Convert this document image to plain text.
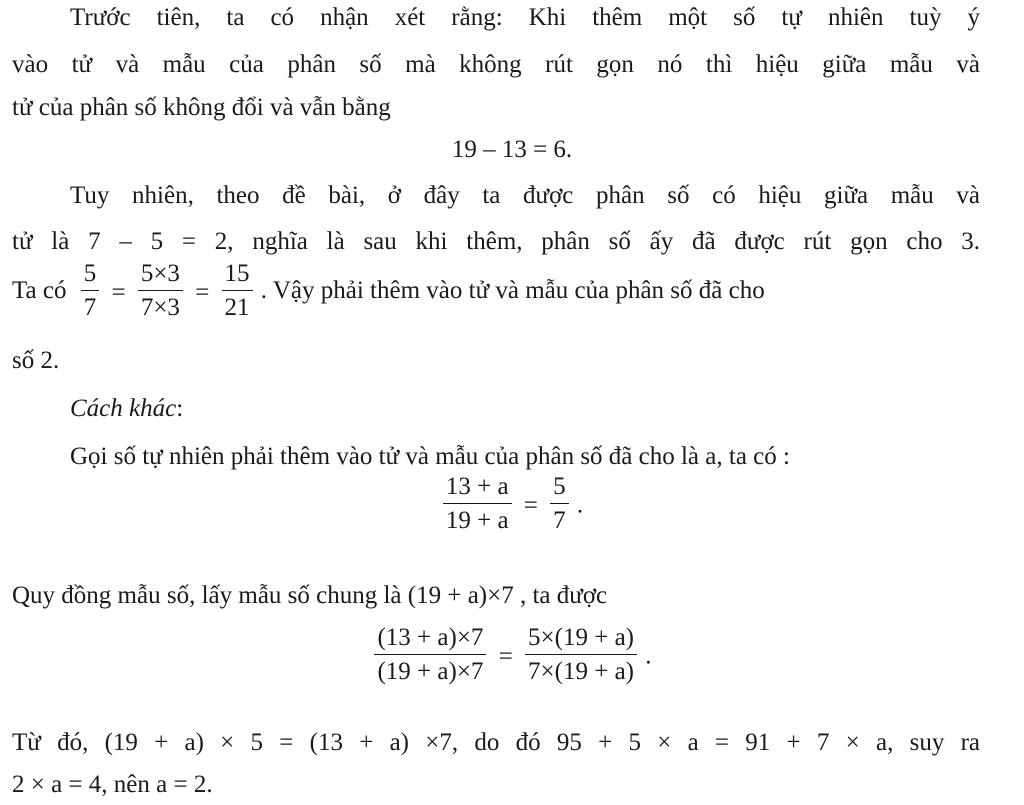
Trước tiên, ta có nhận xét rằng: Khi thêm một số tự nhiên tuỳ ý
vào tử và mẫu của phân số mà không rút gọn nó thì hiệu giữa mẫu và
tử của phân số không đổi và vẫn bằng
19 – 13 = 6.
Tuy nhiên, theo đề bài, ở đây ta được phân số có hiệu giữa mẫu và
tử là 7 – 5 = 2, nghĩa là sau khi thêm, phân số ấy đã được rút gọn cho 3.
Ta có $\frac{5}{7} = \frac{5\times 3}{7\times 3} = \frac{15}{21}$ . Vậy phải thêm vào tử và mẫu của phân số đã cho
số 2.
Cách khác:
Gọi số tự nhiên phải thêm vào tử và mẫu của phân số đã cho là a, ta có :
$\frac{13 + a}{19 + a} = \frac{5}{7}$ .
Quy đồng mẫu số, lấy mẫu số chung là (19 + a)×7 , ta được
$\frac{(13 + a)\times 7}{(19 + a)\times 7} = \frac{5\times(19 + a)}{7\times(19 + a)}$ .
Từ đó, (19 + a) × 5 = (13 + a) ×7, do đó 95 + 5 × a = 91 + 7 × a, suy ra
2 × a = 4, nên a = 2.
